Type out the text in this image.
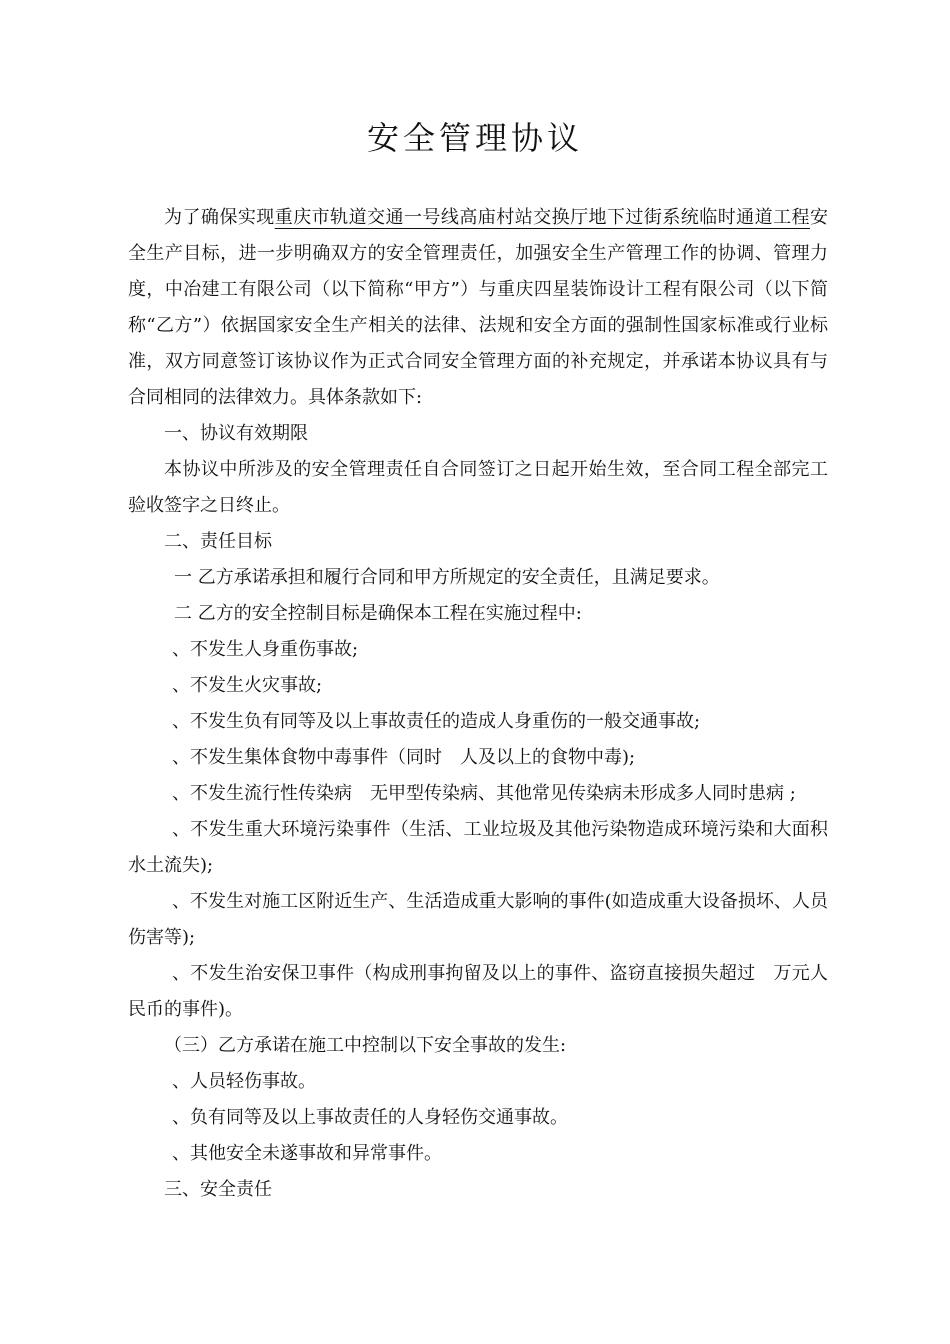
安全管理协议

为了确保实现重庆市轨道交通一号线高庙村站交换厅地下过街系统临时通道工程安全生产目标，进一步明确双方的安全管理责任，加强安全生产管理工作的协调、管理力度，中冶建工有限公司（以下简称“甲方”）与重庆四星装饰设计工程有限公司（以下简称“乙方”）依据国家安全生产相关的法律、法规和安全方面的强制性国家标准或行业标准，双方同意签订该协议作为正式合同安全管理方面的补充规定，并承诺本协议具有与合同相同的法律效力。具体条款如下:

一、协议有效期限

本协议中所涉及的安全管理责任自合同签订之日起开始生效，至合同工程全部完工验收签字之日终止。

二、责任目标

一 乙方承诺承担和履行合同和甲方所规定的安全责任，且满足要求。

二 乙方的安全控制目标是确保本工程在实施过程中:

、不发生人身重伤事故;

、不发生火灾事故;

、不发生负有同等及以上事故责任的造成人身重伤的一般交通事故;

、不发生集体食物中毒事件（同时　人及以上的食物中毒);

、不发生流行性传染病　无甲型传染病、其他常见传染病未形成多人同时患病 ;

、不发生重大环境污染事件（生活、工业垃圾及其他污染物造成环境污染和大面积水土流失);

、不发生对施工区附近生产、生活造成重大影响的事件(如造成重大设备损坏、人员伤害等);

、不发生治安保卫事件（构成刑事拘留及以上的事件、盗窃直接损失超过　万元人民币的事件)。

（三）乙方承诺在施工中控制以下安全事故的发生:

、人员轻伤事故。

、负有同等及以上事故责任的人身轻伤交通事故。

、其他安全未遂事故和异常事件。

三、安全责任
